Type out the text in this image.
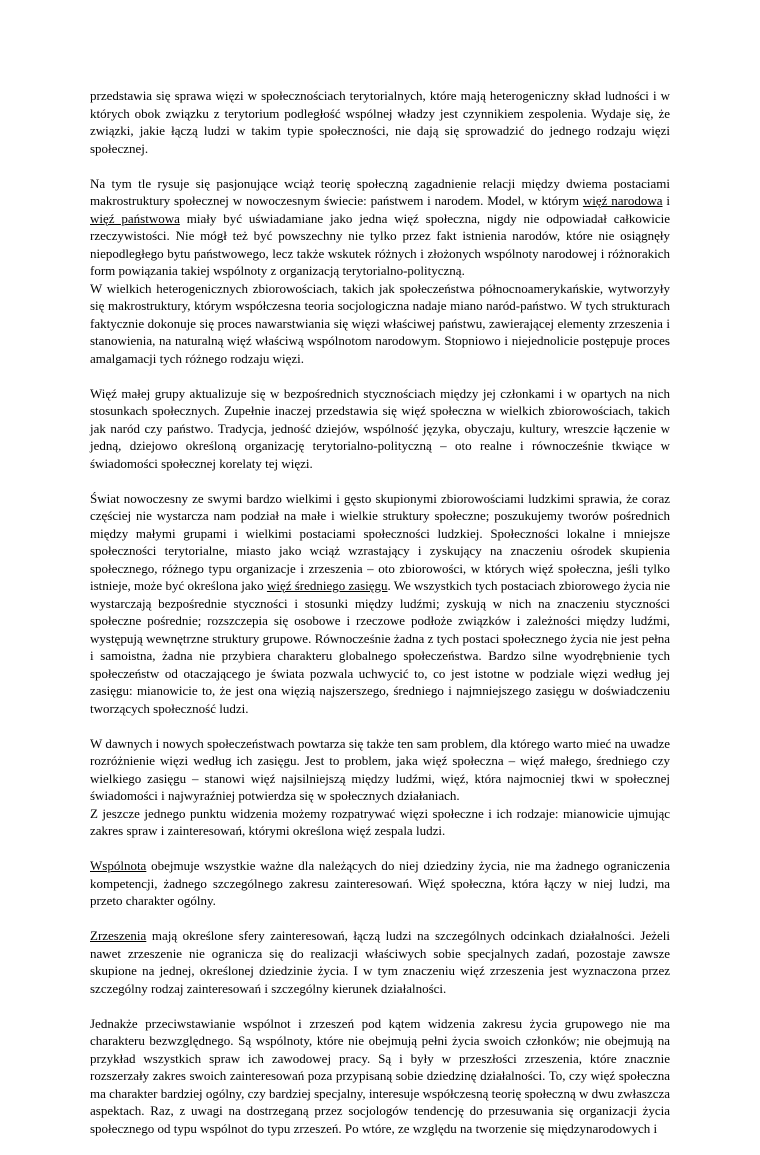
przedstawia się sprawa więzi w społecznościach terytorialnych, które mają heterogeniczny skład ludności i w których obok związku z terytorium podległość wspólnej władzy jest czynnikiem zespolenia. Wydaje się, że związki, jakie łączą ludzi w takim typie społeczności, nie dają się sprowadzić do jednego rodzaju więzi społecznej.

Na tym tle rysuje się pasjonujące wciąż teorię społeczną zagadnienie relacji między dwiema postaciami makrostruktury społecznej w nowoczesnym świecie: państwem i narodem. Model, w którym więź narodowa i więź państwowa miały być uświadamiane jako jedna więź społeczna, nigdy nie odpowiadał całkowicie rzeczywistości. Nie mógł też być powszechny nie tylko przez fakt istnienia narodów, które nie osiągnęły niepodległego bytu państwowego, lecz także wskutek różnych i złożonych wspólnoty narodowej i różnorakich form powiązania takiej wspólnoty z organizacją terytorialno-polityczną.

W wielkich heterogenicznych zbiorowościach, takich jak społeczeństwa północnoamerykańskie, wytworzyły się makrostruktury, którym współczesna teoria socjologiczna nadaje miano naród-państwo. W tych strukturach faktycznie dokonuje się proces nawarstwiania się więzi właściwej państwu, zawierającej elementy zrzeszenia i stanowienia, na naturalną więź właściwą wspólnotom narodowym. Stopniowo i niejednolicie postępuje proces amalgamacji tych różnego rodzaju więzi.

Więź małej grupy aktualizuje się w bezpośrednich stycznościach między jej członkami i w opartych na nich stosunkach społecznych. Zupełnie inaczej przedstawia się więź społeczna w wielkich zbiorowościach, takich jak naród czy państwo. Tradycja, jedność dziejów, wspólność języka, obyczaju, kultury, wreszcie łączenie w jedną, dziejowo określoną organizację terytorialno-polityczną – oto realne i równocześnie tkwiące w świadomości społecznej korelaty tej więzi.

Świat nowoczesny ze swymi bardzo wielkimi i gęsto skupionymi zbiorowościami ludzkimi sprawia, że coraz częściej nie wystarcza nam podział na małe i wielkie struktury społeczne; poszukujemy tworów pośrednich między małymi grupami i wielkimi postaciami społeczności ludzkiej. Społeczności lokalne i mniejsze społeczności terytorialne, miasto jako wciąż wzrastający i zyskujący na znaczeniu ośrodek skupienia społecznego, różnego typu organizacje i zrzeszenia – oto zbiorowości, w których więź społeczna, jeśli tylko istnieje, może być określona jako więź średniego zasięgu. We wszystkich tych postaciach zbiorowego życia nie wystarczają bezpośrednie styczności i stosunki między ludźmi; zyskują w nich na znaczeniu styczności społeczne pośrednie; rozszczepia się osobowe i rzeczowe podłoże związków i zależności między ludźmi, występują wewnętrzne struktury grupowe. Równocześnie żadna z tych postaci społecznego życia nie jest pełna i samoistna, żadna nie przybiera charakteru globalnego społeczeństwa. Bardzo silne wyodrębnienie tych społeczeństw od otaczającego je świata pozwala uchwycić to, co jest istotne w podziale więzi według jej zasięgu: mianowicie to, że jest ona więzią najszerszego, średniego i najmniejszego zasięgu w doświadczeniu tworzących społeczność ludzi.

W dawnych i nowych społeczeństwach powtarza się także ten sam problem, dla którego warto mieć na uwadze rozróżnienie więzi według ich zasięgu. Jest to problem, jaka więź społeczna – więź małego, średniego czy wielkiego zasięgu – stanowi więź najsilniejszą między ludźmi, więź, która najmocniej tkwi w społecznej świadomości i najwyraźniej potwierdza się w społecznych działaniach.

Z jeszcze jednego punktu widzenia możemy rozpatrywać więzi społeczne i ich rodzaje: mianowicie ujmując zakres spraw i zainteresowań, którymi określona więź zespala ludzi.

Wspólnota obejmuje wszystkie ważne dla należących do niej dziedziny życia, nie ma żadnego ograniczenia kompetencji, żadnego szczególnego zakresu zainteresowań. Więź społeczna, która łączy w niej ludzi, ma przeto charakter ogólny.

Zrzeszenia mają określone sfery zainteresowań, łączą ludzi na szczególnych odcinkach działalności. Jeżeli nawet zrzeszenie nie ogranicza się do realizacji właściwych sobie specjalnych zadań, pozostaje zawsze skupione na jednej, określonej dziedzinie życia. I w tym znaczeniu więź zrzeszenia jest wyznaczona przez szczególny rodzaj zainteresowań i szczególny kierunek działalności.

Jednakże przeciwstawianie wspólnot i zrzeszeń pod kątem widzenia zakresu życia grupowego nie ma charakteru bezwzględnego. Są wspólnoty, które nie obejmują pełni życia swoich członków; nie obejmują na przykład wszystkich spraw ich zawodowej pracy. Są i były w przeszłości zrzeszenia, które znacznie rozszerzały zakres swoich zainteresowań poza przypisaną sobie dziedzinę działalności. To, czy więź społeczna ma charakter bardziej ogólny, czy bardziej specjalny, interesuje współczesną teorię społeczną w dwu zwłaszcza aspektach. Raz, z uwagi na dostrzeganą przez socjologów tendencję do przesuwania się organizacji życia społecznego od typu wspólnot do typu zrzeszeń. Po wtóre, ze względu na tworzenie się międzynarodowych i
